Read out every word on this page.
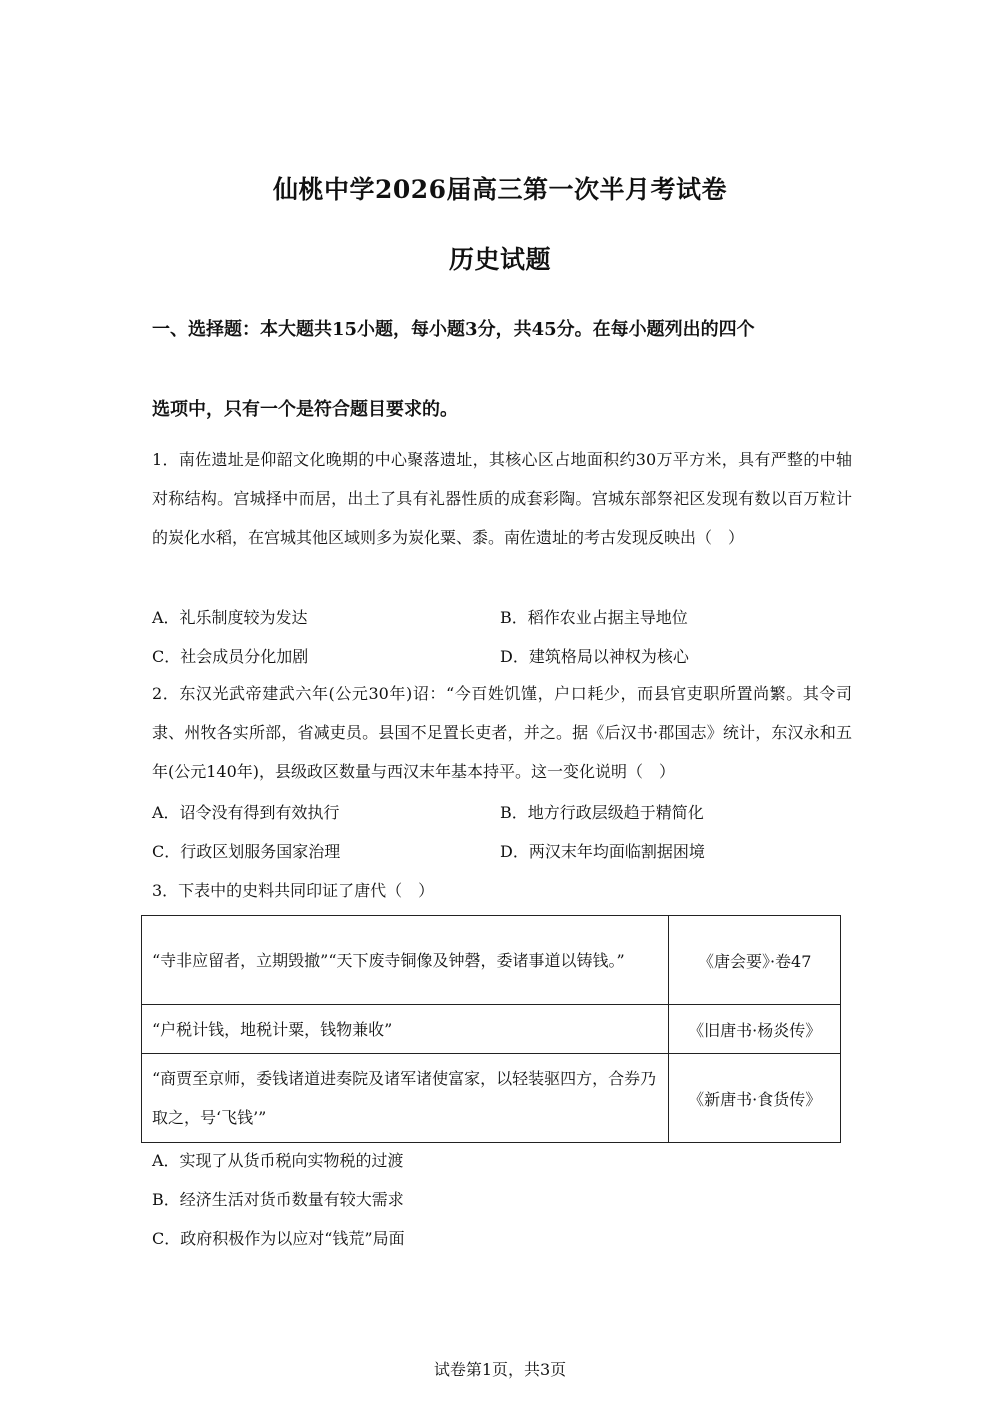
仙桃中学2026届高三第一次半月考试卷
历史试题
一、选择题：本大题共15小题，每小题3分，共45分。在每小题列出的四个
选项中，只有一个是符合题目要求的。
1．南佐遗址是仰韶文化晚期的中心聚落遗址，其核心区占地面积约30万平方米，具有严整的中轴对称结构。宫城择中而居，出土了具有礼器性质的成套彩陶。宫城东部祭祀区发现有数以百万粒计的炭化水稻，在宫城其他区域则多为炭化粟、黍。南佐遗址的考古发现反映出（　）
A．礼乐制度较为发达	B．稻作农业占据主导地位
C．社会成员分化加剧	D．建筑格局以神权为核心
2．东汉光武帝建武六年(公元30年)诏：“今百姓饥馑，户口耗少，而县官吏职所置尚繁。其令司隶、州牧各实所部，省减吏员。县国不足置长吏者，并之。据《后汉书·郡国志》统计，东汉永和五年(公元140年)，县级政区数量与西汉末年基本持平。这一变化说明（　）
A．诏令没有得到有效执行	B．地方行政层级趋于精简化
C．行政区划服务国家治理	D．两汉末年均面临割据困境
3．下表中的史料共同印证了唐代（　）
“寺非应留者，立期毁撤”“天下废寺铜像及钟磬，委诸事道以铸钱。”	《唐会要》·卷47
“户税计钱，地税计粟，钱物兼收”	《旧唐书·杨炎传》
“商贾至京师，委钱诸道进奏院及诸军诸使富家，以轻装驱四方，合券乃取之，号‘飞钱’”	《新唐书·食货传》
A．实现了从货币税向实物税的过渡
B．经济生活对货币数量有较大需求
C．政府积极作为以应对“钱荒”局面
试卷第1页，共3页
